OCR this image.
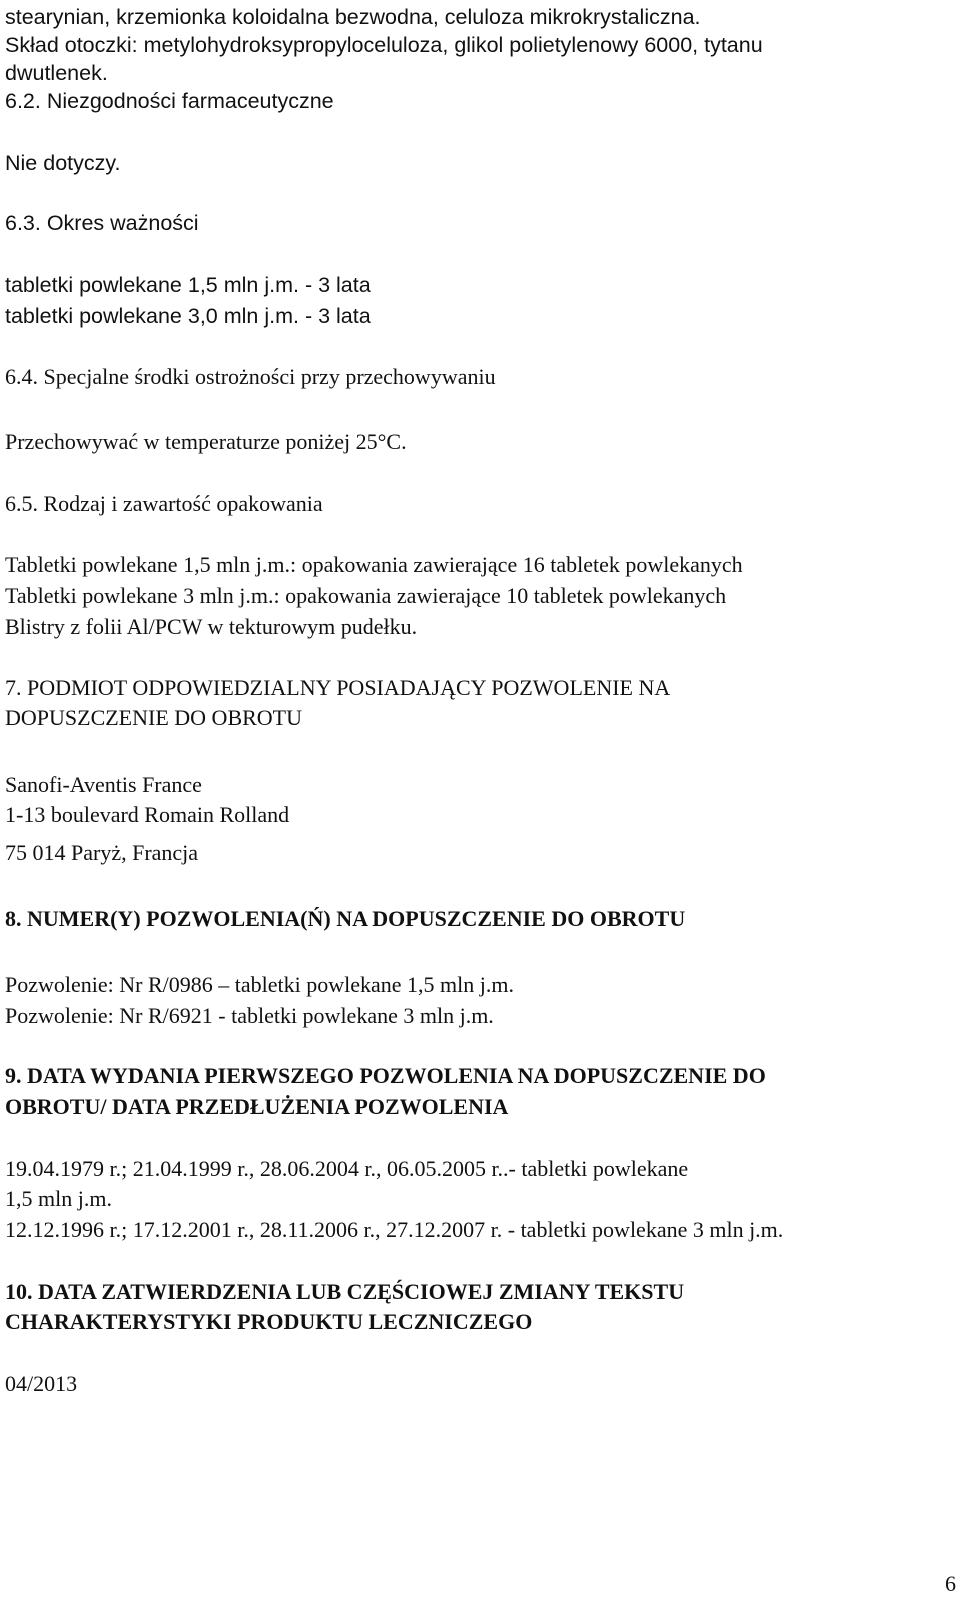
stearynian, krzemionka koloidalna bezwodna, celuloza mikrokrystaliczna.
Skład otoczki: metylohydroksypropyloceluloza, glikol polietylenowy 6000, tytanu
dwutlenek.
6.2. Niezgodności farmaceutyczne
Nie dotyczy.
6.3. Okres ważności
tabletki powlekane 1,5 mln j.m. - 3 lata
tabletki powlekane 3,0 mln j.m. - 3 lata
6.4. Specjalne środki ostrożności przy przechowywaniu
Przechowywać w temperaturze poniżej 25°C.
6.5. Rodzaj i zawartość opakowania
Tabletki powlekane 1,5 mln j.m.: opakowania zawierające 16 tabletek powlekanych
Tabletki powlekane 3 mln j.m.: opakowania zawierające 10 tabletek powlekanych
Blistry z folii Al/PCW w tekturowym pudełku.
7. PODMIOT ODPOWIEDZIALNY POSIADAJĄCY POZWOLENIE NA
DOPUSZCZENIE DO OBROTU
Sanofi-Aventis France
1-13 boulevard Romain Rolland
75 014 Paryż, Francja
8. NUMER(Y) POZWOLENIA(Ń) NA DOPUSZCZENIE DO OBROTU
Pozwolenie: Nr R/0986 – tabletki powlekane 1,5 mln j.m.
Pozwolenie: Nr R/6921 - tabletki powlekane 3 mln j.m.
9. DATA WYDANIA PIERWSZEGO POZWOLENIA NA DOPUSZCZENIE DO
OBROTU/ DATA PRZEDŁUŻENIA POZWOLENIA
19.04.1979 r.; 21.04.1999 r., 28.06.2004 r., 06.05.2005 r..- tabletki powlekane
1,5 mln j.m.
12.12.1996 r.; 17.12.2001 r., 28.11.2006 r., 27.12.2007 r. - tabletki powlekane 3 mln j.m.
10. DATA ZATWIERDZENIA LUB CZĘŚCIOWEJ ZMIANY TEKSTU
CHARAKTERYSTYKI PRODUKTU LECZNICZEGO
04/2013
6
